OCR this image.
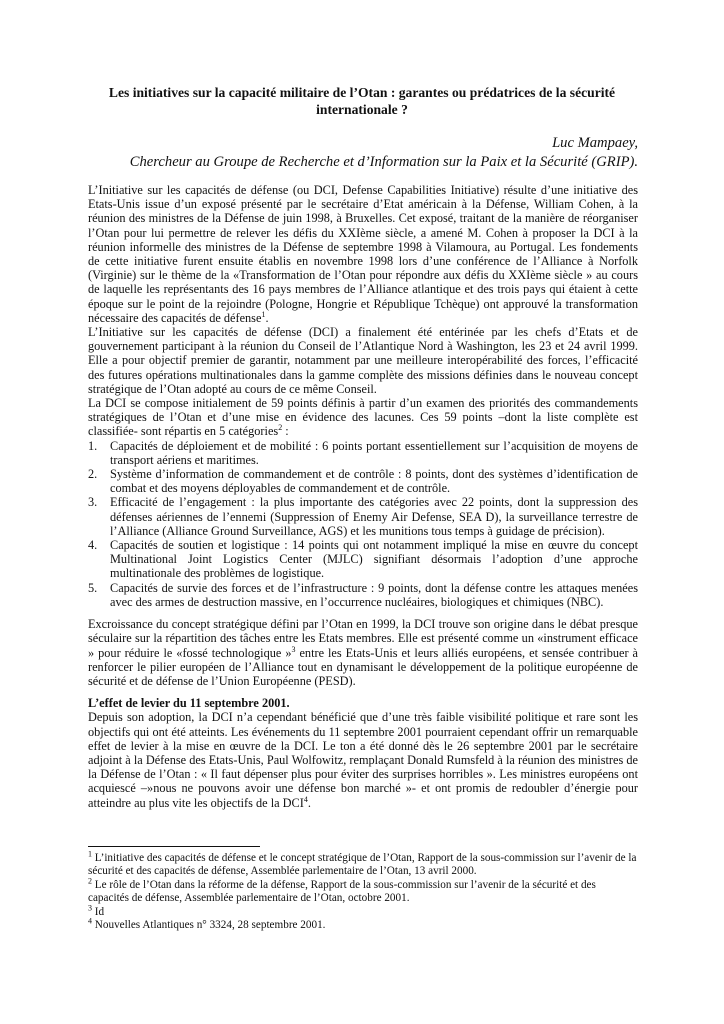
Les initiatives sur la capacité militaire de l’Otan : garantes ou prédatrices de la sécurité internationale ?
Luc Mampaey,
Chercheur au Groupe de Recherche et d’Information sur la Paix et la Sécurité (GRIP).

L’Initiative sur les capacités de défense (ou DCI, Defense Capabilities Initiative) résulte d’une initiative des Etats-Unis issue d’un exposé présenté par le secrétaire d’Etat américain à la Défense, William Cohen, à la réunion des ministres de la Défense de juin 1998, à Bruxelles. Cet exposé, traitant de la manière de réorganiser l’Otan pour lui permettre de relever les défis du XXIème siècle, a amené M. Cohen à proposer la DCI à la réunion informelle des ministres de la Défense de septembre 1998 à Vilamoura, au Portugal. Les fondements de cette initiative furent ensuite établis en novembre 1998 lors d’une conférence de l’Alliance à Norfolk (Virginie) sur le thème de la «Transformation de l’Otan pour répondre aux défis du XXIème siècle » au cours de laquelle les représentants des 16 pays membres de l’Alliance atlantique et des trois pays qui étaient à cette époque sur le point de la rejoindre (Pologne, Hongrie et République Tchèque) ont approuvé la transformation nécessaire des capacités de défense$^1$.

L’Initiative sur les capacités de défense (DCI) a finalement été entérinée par les chefs d’Etats et de gouvernement participant à la réunion du Conseil de l’Atlantique Nord à Washington, les 23 et 24 avril 1999. Elle a pour objectif premier de garantir, notamment par une meilleure interopérabilité des forces, l’efficacité des futures opérations multinationales dans la gamme complète des missions définies dans le nouveau concept stratégique de l’Otan adopté au cours de ce même Conseil.

La DCI se compose initialement de 59 points définis à partir d’un examen des priorités des commandements stratégiques de l’Otan et d’une mise en évidence des lacunes. Ces 59 points –dont la liste complète est classifiée- sont répartis en 5 catégories$^2$ :

1. Capacités de déploiement et de mobilité : 6 points portant essentiellement sur l’acquisition de moyens de transport aériens et maritimes.
2. Système d’information de commandement et de contrôle : 8 points, dont des systèmes d’identification de combat et des moyens déployables de commandement et de contrôle.
3. Efficacité de l’engagement : la plus importante des catégories avec 22 points, dont la suppression des défenses aériennes de l’ennemi (Suppression of Enemy Air Defense, SEA D), la surveillance terrestre de l’Alliance (Alliance Ground Surveillance, AGS) et les munitions tous temps à guidage de précision).
4. Capacités de soutien et logistique : 14 points qui ont notamment impliqué la mise en œuvre du concept Multinational Joint Logistics Center (MJLC) signifiant désormais l’adoption d’une approche multinationale des problèmes de logistique.
5. Capacités de survie des forces et de l’infrastructure : 9 points, dont la défense contre les attaques menées avec des armes de destruction massive, en l’occurrence nucléaires, biologiques et chimiques (NBC).

Excroissance du concept stratégique défini par l’Otan en 1999, la DCI trouve son origine dans le débat presque séculaire sur la répartition des tâches entre les Etats membres. Elle est présenté comme un «instrument efficace » pour réduire le «fossé technologique »$^3$ entre les Etats-Unis et leurs alliés européens, et sensée contribuer à renforcer le pilier européen de l’Alliance tout en dynamisant le développement de la politique européenne de sécurité et de défense de l’Union Européenne (PESD).

L’effet de levier du 11 septembre 2001.

Depuis son adoption, la DCI n’a cependant bénéficié que d’une très faible visibilité politique et rare sont les objectifs qui ont été atteints. Les événements du 11 septembre 2001 pourraient cependant offrir un remarquable effet de levier à la mise en œuvre de la DCI. Le ton a été donné dès le 26 septembre 2001 par le secrétaire adjoint à la Défense des Etats-Unis, Paul Wolfowitz, remplaçant Donald Rumsfeld à la réunion des ministres de la Défense de l’Otan : « Il faut dépenser plus pour éviter des surprises horribles ». Les ministres européens ont acquiescé –»nous ne pouvons avoir une défense bon marché »- et ont promis de redoubler d’énergie pour atteindre au plus vite les objectifs de la DCI$^4$.

$^1$ L’initiative des capacités de défense et le concept stratégique de l’Otan, Rapport de la sous-commission sur l’avenir de la sécurité et des capacités de défense, Assemblée parlementaire de l’Otan, 13 avril 2000.

$^2$ Le rôle de l’Otan dans la réforme de la défense, Rapport de la sous-commission sur l’avenir de la sécurité et des capacités de défense, Assemblée parlementaire de l’Otan, octobre 2001.

$^3$ Id

$^4$ Nouvelles Atlantiques n° 3324, 28 septembre 2001.
